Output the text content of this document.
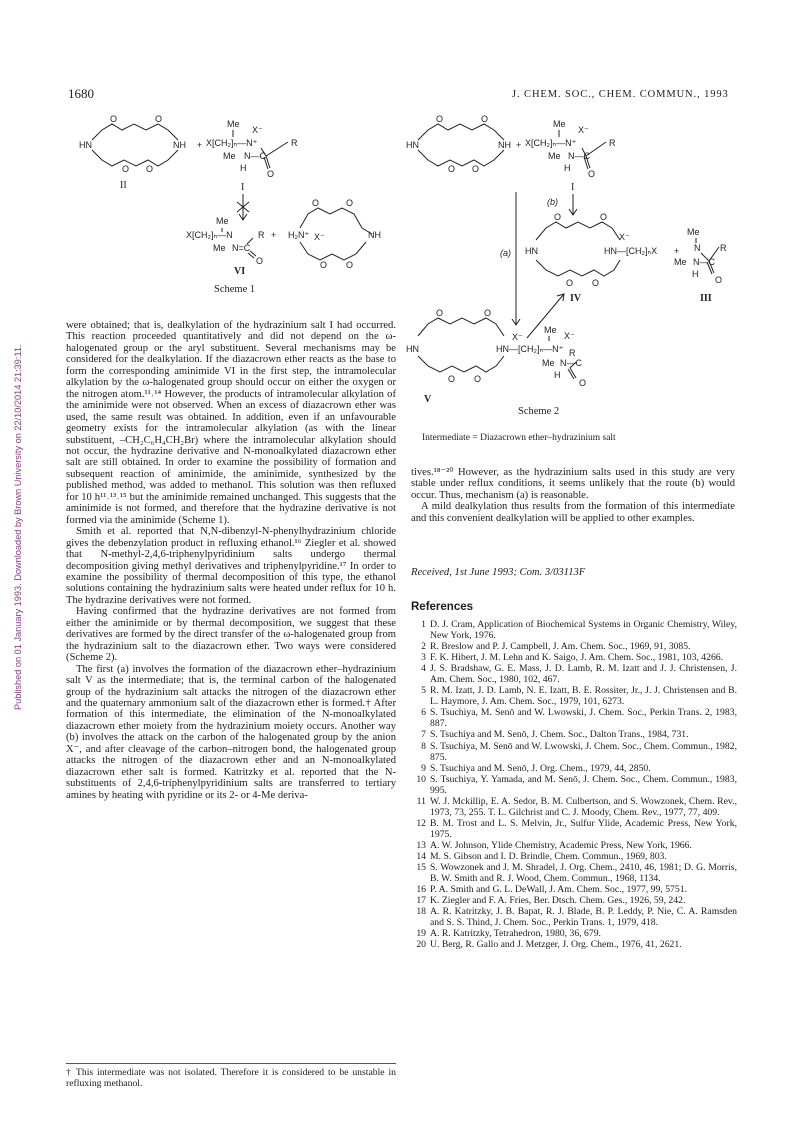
Published on 01 January 1993. Downloaded by Brown University on 22/10/2014 21:39:11.
1680	J. CHEM. SOC., CHEM. COMMUN., 1993
O	O
O O
HN	NH +
Me
X⁻
X[CH₂]ₙ—N⁺	R
Me N—C
H
O
II	I
Me
X[CH₂]ₙ—N	R
Me N=C
O
+ H₂N⁺ X⁻	NH
O	O
O O
VI
Scheme 1
O	O
O O
HN	NH +
Me
X⁻
X[CH₂]ₙ—N⁺	R
Me N—C
H
O
I
(b)
(a)
O	O
O O
HN	HN—[CH₂]ₙX
X⁻
+
Me
N R
Me N—C
H
O
IV	III
O	O
O O
HN	HN—[CH₂]ₙ—N⁺
X⁻
Me
X⁻
R
Me N—C
H
O
V
Scheme 2
Intermediate = Diazacrown ether–hydrazinium salt

were obtained; that is, dealkylation of the hydrazinium salt I had occurred. This reaction proceeded quantitatively and did not depend on the ω-halogenated group or the aryl substituent. Several mechanisms may be considered for the dealkylation. If the diazacrown ether reacts as the base to form the corresponding aminimide VI in the first step, the intramolecular alkylation by the ω-halogenated group should occur on either the oxygen or the nitrogen atom.¹¹˒¹⁴ However, the products of intramolecular alkylation of the aminimide were not observed. When an excess of diazacrown ether was used, the same result was obtained. In addition, even if an unfavourable geometry exists for the intramolecular alkylation (as with the linear substituent, –CH₂C₆H₄CH₂Br) where the intramolecular alkylation should not occur, the hydrazine derivative and N-monoalkylated diazacrown ether salt are still obtained. In order to examine the possibility of formation and subsequent reaction of aminimide, the aminimide, synthesized by the published method, was added to methanol. This solution was then refluxed for 10 h¹¹˒¹³˒¹⁵ but the aminimide remained unchanged. This suggests that the aminimide is not formed, and therefore that the hydrazine derivative is not formed via the aminimide (Scheme 1).

Smith et al. reported that N,N-dibenzyl-N-phenylhydrazinium chloride gives the debenzylation product in refluxing ethanol.¹⁶ Ziegler et al. showed that N-methyl-2,4,6-triphenylpyridinium salts undergo thermal decomposition giving methyl derivatives and triphenylpyridine.¹⁷ In order to examine the possibility of thermal decomposition of this type, the ethanol solutions containing the hydrazinium salts were heated under reflux for 10 h. The hydrazine derivatives were not formed.

Having confirmed that the hydrazine derivatives are not formed from either the aminimide or by thermal decomposition, we suggest that these derivatives are formed by the direct transfer of the ω-halogenated group from the hydrazinium salt to the diazacrown ether. Two ways were considered (Scheme 2).

The first (a) involves the formation of the diazacrown ether–hydrazinium salt V as the intermediate; that is, the terminal carbon of the halogenated group of the hydrazinium salt attacks the nitrogen of the diazacrown ether and the quaternary ammonium salt of the diazacrown ether is formed.† After formation of this intermediate, the elimination of the N-monoalkylated diazacrown ether moiety from the hydrazinium moiety occurs. Another way (b) involves the attack on the carbon of the halogenated group by the anion X⁻, and after cleavage of the carbon–nitrogen bond, the halogenated group attacks the nitrogen of the diazacrown ether and an N-monoalkylated diazacrown ether salt is formed. Katritzky et al. reported that the N-substituents of 2,4,6-triphenylpyridinium salts are transferred to tertiary amines by heating with pyridine or its 2- or 4-Me deriva-

† This intermediate was not isolated. Therefore it is considered to be unstable in refluxing methanol.

tives.¹⁸⁻²⁰ However, as the hydrazinium salts used in this study are very stable under reflux conditions, it seems unlikely that the route (b) would occur. Thus, mechanism (a) is reasonable.

A mild dealkylation thus results from the formation of this intermediate and this convenient dealkylation will be applied to other examples.

Received, 1st June 1993; Com. 3/03113F
References
1 D. J. Cram, Application of Biochemical Systems in Organic Chemistry, Wiley, New York, 1976.
2 R. Breslow and P. J. Campbell, J. Am. Chem. Soc., 1969, 91, 3085.
3 F. K. Hibert, J. M. Lehn and K. Saigo, J. Am. Chem. Soc., 1981, 103, 4266.
4 J. S. Bradshaw, G. E. Mass, J. D. Lamb, R. M. Izatt and J. J. Christensen, J. Am. Chem. Soc., 1980, 102, 467.
5 R. M. Izatt, J. D. Lamb, N. E. Izatt, B. E. Rossiter, Jr., J. J. Christensen and B. L. Haymore, J. Am. Chem. Soc., 1979, 101, 6273.
6 S. Tsuchiya, M. Senō and W. Lwowski, J. Chem. Soc., Perkin Trans. 2, 1983, 887.
7 S. Tsuchiya and M. Senō, J. Chem. Soc., Dalton Trans., 1984, 731.
8 S. Tsuchiya, M. Senō and W. Lwowski, J. Chem. Soc., Chem. Commun., 1982, 875.
9 S. Tsuchiya and M. Senō, J. Org. Chem., 1979, 44, 2850.
10 S. Tsuchiya, Y. Yamada, and M. Senō, J. Chem. Soc., Chem. Commun., 1983, 995.
11 W. J. Mckillip, E. A. Sedor, B. M. Culbertson, and S. Wowzonek, Chem. Rev., 1973, 73, 255. T. L. Gilchrist and C. J. Moody, Chem. Rev., 1977, 77, 409.
12 B. M. Trost and L. S. Melvin, Jr., Sulfur Ylide, Academic Press, New York, 1975.
13 A. W. Johnson, Ylide Chemistry, Academic Press, New York, 1966.
14 M. S. Gibson and I. D. Brindle, Chem. Commun., 1969, 803.
15 S. Wowzonek and J. M. Shradel, J. Org. Chem., 2410, 46, 1981; D. G. Morris, B. W. Smith and R. J. Wood, Chem. Commun., 1968, 1134.
16 P. A. Smith and G. L. DeWall, J. Am. Chem. Soc., 1977, 99, 5751.
17 K. Ziegler and F. A. Fries, Ber. Dtsch. Chem. Ges., 1926, 59, 242.
18 A. R. Katritzky, J. B. Bapat, R. J. Blade, B. P. Leddy, P. Nie, C. A. Ramsden and S. S. Thind, J. Chem. Soc., Perkin Trans. 1, 1979, 418.
19 A. R. Katritzky, Tetrahedron, 1980, 36, 679.
20 U. Berg, R. Gallo and J. Metzger, J. Org. Chem., 1976, 41, 2621.
